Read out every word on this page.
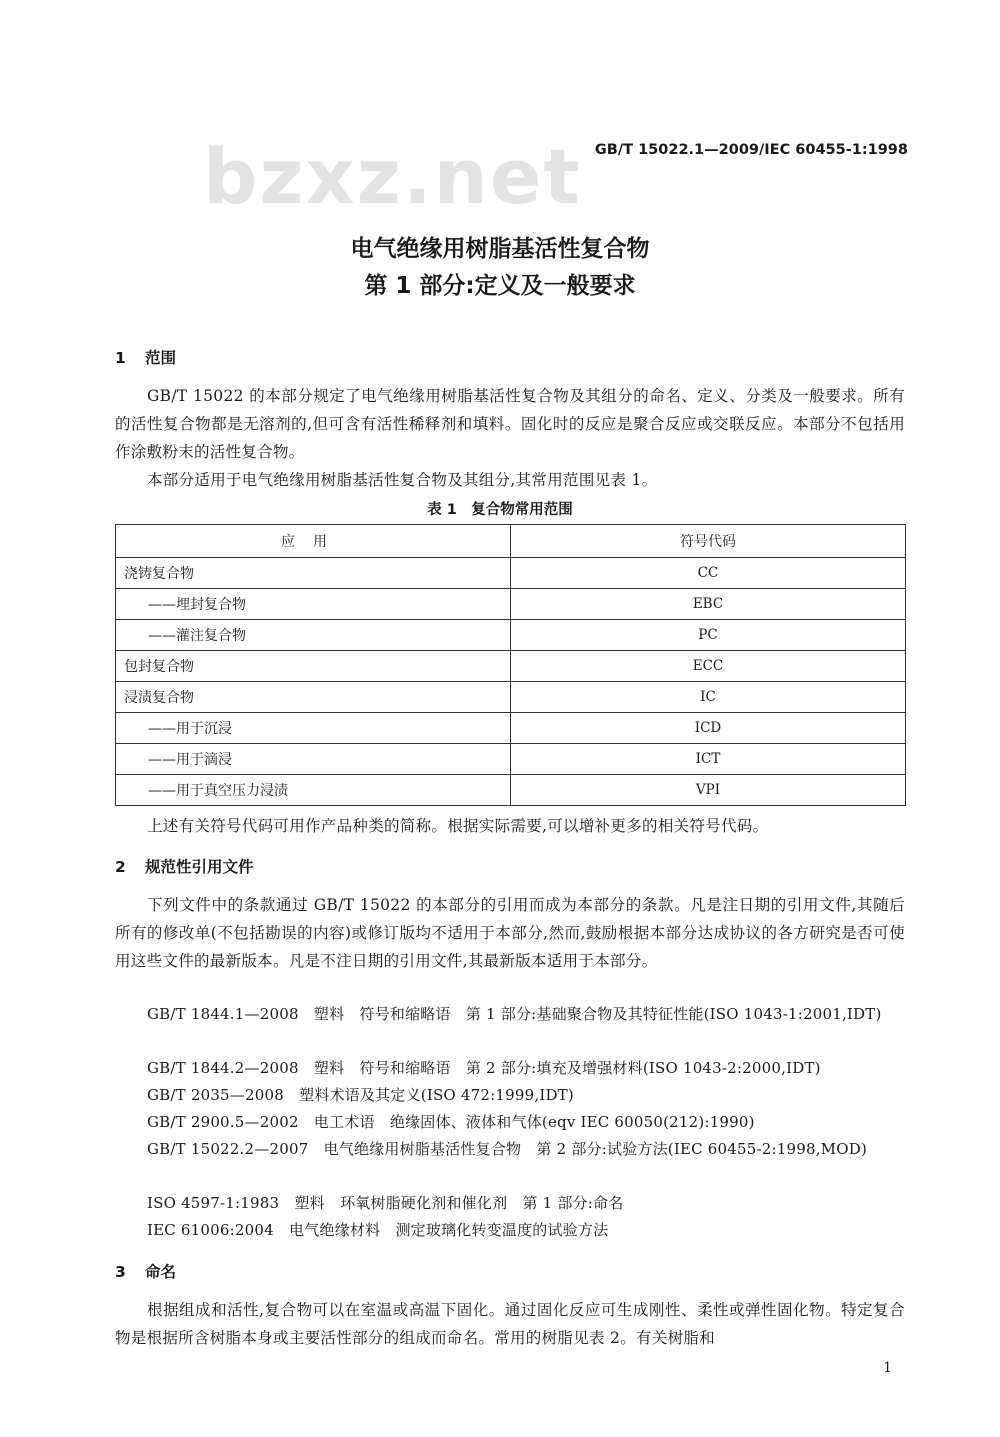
bzxz.net GB/T 15022.1—2009/IEC 60455-1:1998
电气绝缘用树脂基活性复合物
第 1 部分:定义及一般要求
1 范围
GB/T 15022 的本部分规定了电气绝缘用树脂基活性复合物及其组分的命名、定义、分类及一般要求。所有的活性复合物都是无溶剂的,但可含有活性稀释剂和填料。固化时的反应是聚合反应或交联反应。本部分不包括用作涂敷粉末的活性复合物。
本部分适用于电气绝缘用树脂基活性复合物及其组分,其常用范围见表 1。
表 1　复合物常用范围
应用	符号代码
浇铸复合物	CC
——埋封复合物	EBC
——灌注复合物	PC
包封复合物	ECC
浸渍复合物	IC
——用于沉浸	ICD
——用于滴浸	ICT
——用于真空压力浸渍	VPI
上述有关符号代码可用作产品种类的简称。根据实际需要,可以增补更多的相关符号代码。
2 规范性引用文件
下列文件中的条款通过 GB/T 15022 的本部分的引用而成为本部分的条款。凡是注日期的引用文件,其随后所有的修改单(不包括勘误的内容)或修订版均不适用于本部分,然而,鼓励根据本部分达成协议的各方研究是否可使用这些文件的最新版本。凡是不注日期的引用文件,其最新版本适用于本部分。
GB/T 1844.1—2008　塑料　符号和缩略语　第 1 部分:基础聚合物及其特征性能(ISO 1043-1:2001,IDT)
GB/T 1844.2—2008　塑料　符号和缩略语　第 2 部分:填充及增强材料(ISO 1043-2:2000,IDT)
GB/T 2035—2008　塑料术语及其定义(ISO 472:1999,IDT)
GB/T 2900.5—2002　电工术语　绝缘固体、液体和气体(eqv IEC 60050(212):1990)
GB/T 15022.2—2007　电气绝缘用树脂基活性复合物　第 2 部分:试验方法(IEC 60455-2:1998,MOD)
ISO 4597-1:1983　塑料　环氧树脂硬化剂和催化剂　第 1 部分:命名
IEC 61006:2004　电气绝缘材料　测定玻璃化转变温度的试验方法
3 命名
根据组成和活性,复合物可以在室温或高温下固化。通过固化反应可生成刚性、柔性或弹性固化物。特定复合物是根据所含树脂本身或主要活性部分的组成而命名。常用的树脂见表 2。有关树脂和
1
